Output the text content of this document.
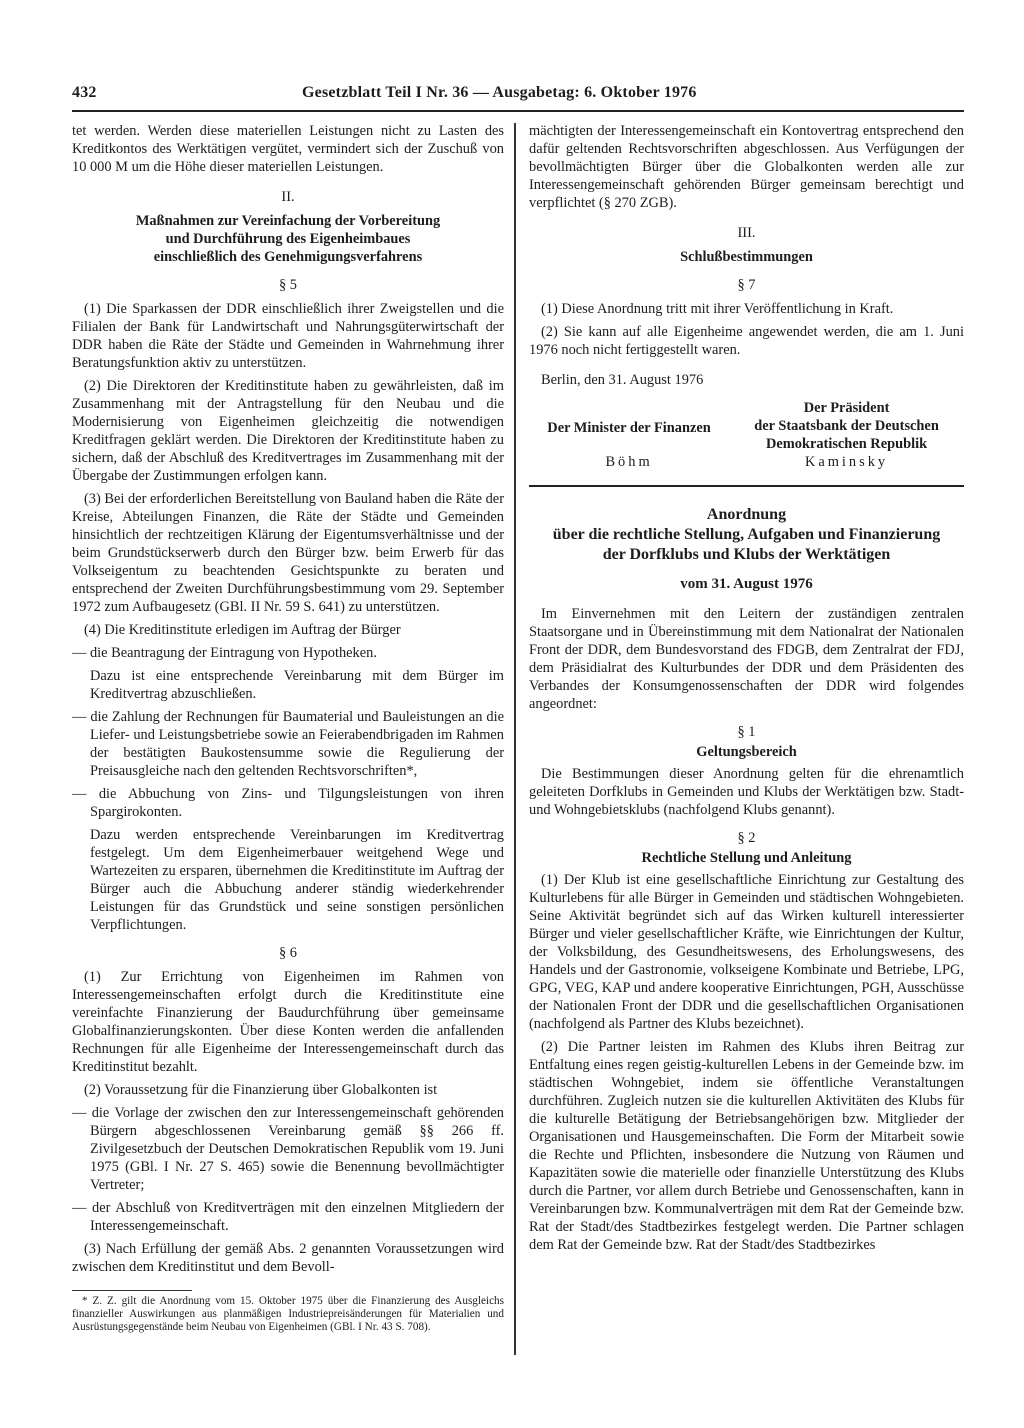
432	Gesetzblatt Teil I Nr. 36 — Ausgabetag: 6. Oktober 1976

tet werden. Werden diese materiellen Leistungen nicht zu Lasten des Kreditkontos des Werktätigen vergütet, vermindert sich der Zuschuß von 10 000 M um die Höhe dieser materiellen Leistungen.

II.
Maßnahmen zur Vereinfachung der Vorbereitung
und Durchführung des Eigenheimbaues
einschließlich des Genehmigungsverfahrens
§ 5

(1) Die Sparkassen der DDR einschließlich ihrer Zweigstellen und die Filialen der Bank für Landwirtschaft und Nahrungsgüterwirtschaft der DDR haben die Räte der Städte und Gemeinden in Wahrnehmung ihrer Beratungsfunktion aktiv zu unterstützen.

(2) Die Direktoren der Kreditinstitute haben zu gewährleisten, daß im Zusammenhang mit der Antragstellung für den Neubau und die Modernisierung von Eigenheimen gleichzeitig die notwendigen Kreditfragen geklärt werden. Die Direktoren der Kreditinstitute haben zu sichern, daß der Abschluß des Kreditvertrages im Zusammenhang mit der Übergabe der Zustimmungen erfolgen kann.

(3) Bei der erforderlichen Bereitstellung von Bauland haben die Räte der Kreise, Abteilungen Finanzen, die Räte der Städte und Gemeinden hinsichtlich der rechtzeitigen Klärung der Eigentumsverhältnisse und der beim Grundstückserwerb durch den Bürger bzw. beim Erwerb für das Volkseigentum zu beachtenden Gesichtspunkte zu beraten und entsprechend der Zweiten Durchführungsbestimmung vom 29. September 1972 zum Aufbaugesetz (GBl. II Nr. 59 S. 641) zu unterstützen.

(4) Die Kreditinstitute erledigen im Auftrag der Bürger

— die Beantragung der Eintragung von Hypotheken.

Dazu ist eine entsprechende Vereinbarung mit dem Bürger im Kreditvertrag abzuschließen.

— die Zahlung der Rechnungen für Baumaterial und Bauleistungen an die Liefer- und Leistungsbetriebe sowie an Feierabendbrigaden im Rahmen der bestätigten Baukostensumme sowie die Regulierung der Preisausgleiche nach den geltenden Rechtsvorschriften*,

— die Abbuchung von Zins- und Tilgungsleistungen von ihren Spargirokonten.

Dazu werden entsprechende Vereinbarungen im Kreditvertrag festgelegt. Um dem Eigenheimerbauer weitgehend Wege und Wartezeiten zu ersparen, übernehmen die Kreditinstitute im Auftrag der Bürger auch die Abbuchung anderer ständig wiederkehrender Leistungen für das Grundstück und seine sonstigen persönlichen Verpflichtungen.

§ 6

(1) Zur Errichtung von Eigenheimen im Rahmen von Interessengemeinschaften erfolgt durch die Kreditinstitute eine vereinfachte Finanzierung der Baudurchführung über gemeinsame Globalfinanzierungskonten. Über diese Konten werden die anfallenden Rechnungen für alle Eigenheime der Interessengemeinschaft durch das Kreditinstitut bezahlt.

(2) Voraussetzung für die Finanzierung über Globalkonten ist

— die Vorlage der zwischen den zur Interessengemeinschaft gehörenden Bürgern abgeschlossenen Vereinbarung gemäß §§ 266 ff. Zivilgesetzbuch der Deutschen Demokratischen Republik vom 19. Juni 1975 (GBl. I Nr. 27 S. 465) sowie die Benennung bevollmächtigter Vertreter;

— der Abschluß von Kreditverträgen mit den einzelnen Mitgliedern der Interessengemeinschaft.

(3) Nach Erfüllung der gemäß Abs. 2 genannten Voraussetzungen wird zwischen dem Kreditinstitut und dem Bevoll-

* Z. Z. gilt die Anordnung vom 15. Oktober 1975 über die Finanzierung des Ausgleichs finanzieller Auswirkungen aus planmäßigen Industriepreisänderungen für Materialien und Ausrüstungsgegenstände beim Neubau von Eigenheimen (GBl. I Nr. 43 S. 708).

mächtigten der Interessengemeinschaft ein Kontovertrag entsprechend den dafür geltenden Rechtsvorschriften abgeschlossen. Aus Verfügungen der bevollmächtigten Bürger über die Globalkonten werden alle zur Interessengemeinschaft gehörenden Bürger gemeinsam berechtigt und verpflichtet (§ 270 ZGB).

III.
Schlußbestimmungen
§ 7

(1) Diese Anordnung tritt mit ihrer Veröffentlichung in Kraft.

(2) Sie kann auf alle Eigenheime angewendet werden, die am 1. Juni 1976 noch nicht fertiggestellt waren.

Berlin, den 31. August 1976

Der Minister der Finanzen
Böhm

Der Präsident
der Staatsbank der Deutschen
Demokratischen Republik
Kaminsky
Anordnung
über die rechtliche Stellung, Aufgaben und Finanzierung
der Dorfklubs und Klubs der Werktätigen
vom 31. August 1976

Im Einvernehmen mit den Leitern der zuständigen zentralen Staatsorgane und in Übereinstimmung mit dem Nationalrat der Nationalen Front der DDR, dem Bundesvorstand des FDGB, dem Zentralrat der FDJ, dem Präsidialrat des Kulturbundes der DDR und dem Präsidenten des Verbandes der Konsumgenossenschaften der DDR wird folgendes angeordnet:

§ 1
Geltungsbereich

Die Bestimmungen dieser Anordnung gelten für die ehrenamtlich geleiteten Dorfklubs in Gemeinden und Klubs der Werktätigen bzw. Stadt- und Wohngebietsklubs (nachfolgend Klubs genannt).

§ 2
Rechtliche Stellung und Anleitung

(1) Der Klub ist eine gesellschaftliche Einrichtung zur Gestaltung des Kulturlebens für alle Bürger in Gemeinden und städtischen Wohngebieten. Seine Aktivität begründet sich auf das Wirken kulturell interessierter Bürger und vieler gesellschaftlicher Kräfte, wie Einrichtungen der Kultur, der Volksbildung, des Gesundheitswesens, des Erholungswesens, des Handels und der Gastronomie, volkseigene Kombinate und Betriebe, LPG, GPG, VEG, KAP und andere kooperative Einrichtungen, PGH, Ausschüsse der Nationalen Front der DDR und die gesellschaftlichen Organisationen (nachfolgend als Partner des Klubs bezeichnet).

(2) Die Partner leisten im Rahmen des Klubs ihren Beitrag zur Entfaltung eines regen geistig-kulturellen Lebens in der Gemeinde bzw. im städtischen Wohngebiet, indem sie öffentliche Veranstaltungen durchführen. Zugleich nutzen sie die kulturellen Aktivitäten des Klubs für die kulturelle Betätigung der Betriebsangehörigen bzw. Mitglieder der Organisationen und Hausgemeinschaften. Die Form der Mitarbeit sowie die Rechte und Pflichten, insbesondere die Nutzung von Räumen und Kapazitäten sowie die materielle oder finanzielle Unterstützung des Klubs durch die Partner, vor allem durch Betriebe und Genossenschaften, kann in Vereinbarungen bzw. Kommunalverträgen mit dem Rat der Gemeinde bzw. Rat der Stadt/des Stadtbezirkes festgelegt werden. Die Partner schlagen dem Rat der Gemeinde bzw. Rat der Stadt/des Stadtbezirkes
